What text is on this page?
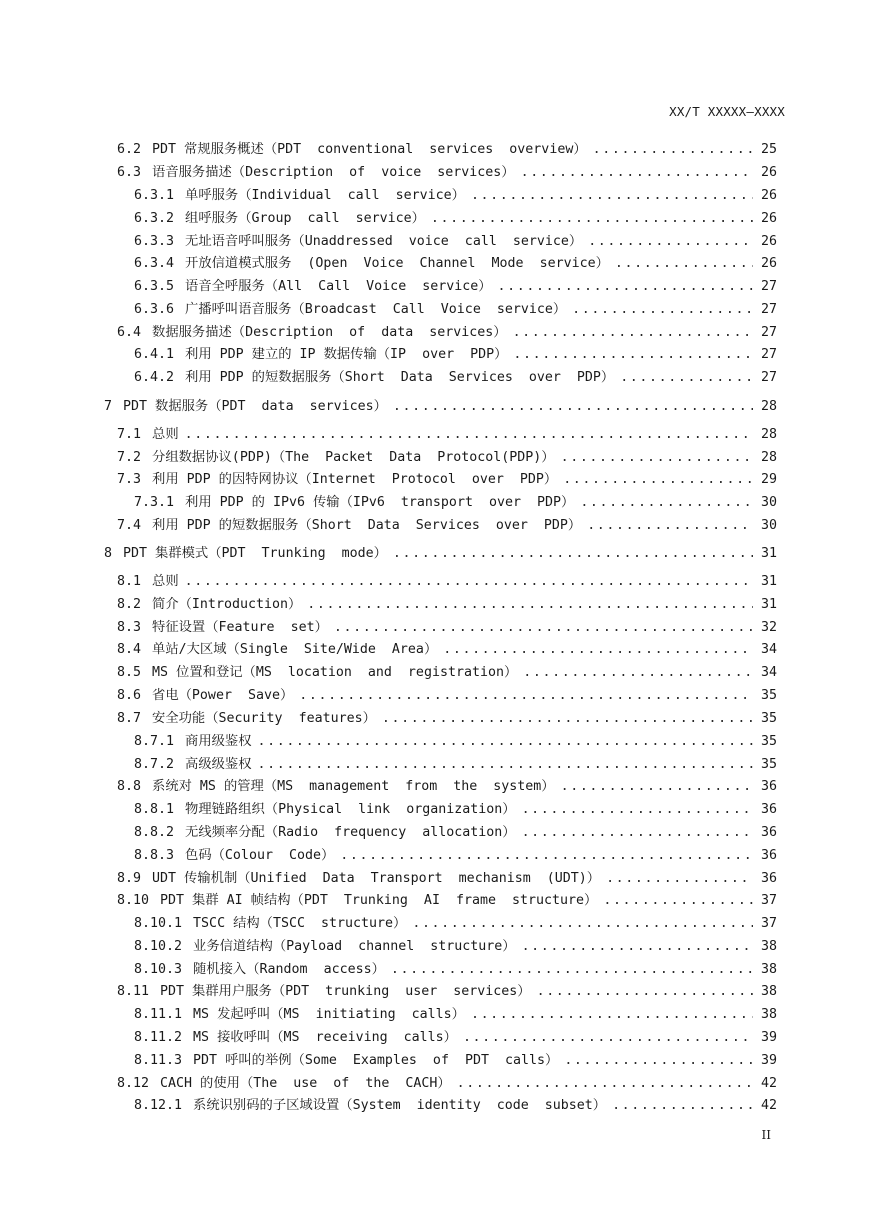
XX/T XXXXX—XXXX
6.2 PDT 常规服务概述（PDT  conventional  services  overview） .....	25
6.3 语音服务描述（Description  of  voice  services） .....	26
6.3.1 单呼服务（Individual  call  service） .....	26
6.3.2 组呼服务（Group  call  service） .....	26
6.3.3 无址语音呼叫服务（Unaddressed  voice  call  service） .....	26
6.3.4 开放信道模式服务  (Open  Voice  Channel  Mode  service） .....	26
6.3.5 语音全呼服务（All  Call  Voice  service） .....	27
6.3.6 广播呼叫语音服务（Broadcast  Call  Voice  service） .....	27
6.4 数据服务描述（Description  of  data  services） .....	27
6.4.1 利用 PDP 建立的 IP 数据传输（IP  over  PDP） .....	27
6.4.2 利用 PDP 的短数据服务（Short  Data  Services  over  PDP） .....	27
7 PDT 数据服务（PDT  data  services） .....	28
7.1 总则 .....	28
7.2 分组数据协议(PDP)（The  Packet  Data  Protocol(PDP)） .....	28
7.3 利用 PDP 的因特网协议（Internet  Protocol  over  PDP） .....	29
7.3.1 利用 PDP 的 IPv6 传输（IPv6  transport  over  PDP） .....	30
7.4 利用 PDP 的短数据服务（Short  Data  Services  over  PDP） .....	30
8 PDT 集群模式（PDT  Trunking  mode） .....	31
8.1 总则 .....	31
8.2 简介（Introduction） .....	31
8.3 特征设置（Feature  set） .....	32
8.4 单站/大区域（Single  Site/Wide  Area） .....	34
8.5 MS 位置和登记（MS  location  and  registration） .....	34
8.6 省电（Power  Save） .....	35
8.7 安全功能（Security  features） .....	35
8.7.1 商用级鉴权 .....	35
8.7.2 高级级鉴权 .....	35
8.8 系统对 MS 的管理（MS  management  from  the  system） .....	36
8.8.1 物理链路组织（Physical  link  organization） .....	36
8.8.2 无线频率分配（Radio  frequency  allocation） .....	36
8.8.3 色码（Colour  Code） .....	36
8.9 UDT 传输机制（Unified  Data  Transport  mechanism  (UDT)） .....	36
8.10 PDT 集群 AI 帧结构（PDT  Trunking  AI  frame  structure） .....	37
8.10.1 TSCC 结构（TSCC  structure） .....	37
8.10.2 业务信道结构（Payload  channel  structure） .....	38
8.10.3 随机接入（Random  access） .....	38
8.11 PDT 集群用户服务（PDT  trunking  user  services） .....	38
8.11.1 MS 发起呼叫（MS  initiating  calls） .....	38
8.11.2 MS 接收呼叫（MS  receiving  calls） .....	39
8.11.3 PDT 呼叫的举例（Some  Examples  of  PDT  calls） .....	39
8.12 CACH 的使用（The  use  of  the  CACH） .....	42
8.12.1 系统识别码的子区域设置（System  identity  code  subset） .....	42
II
